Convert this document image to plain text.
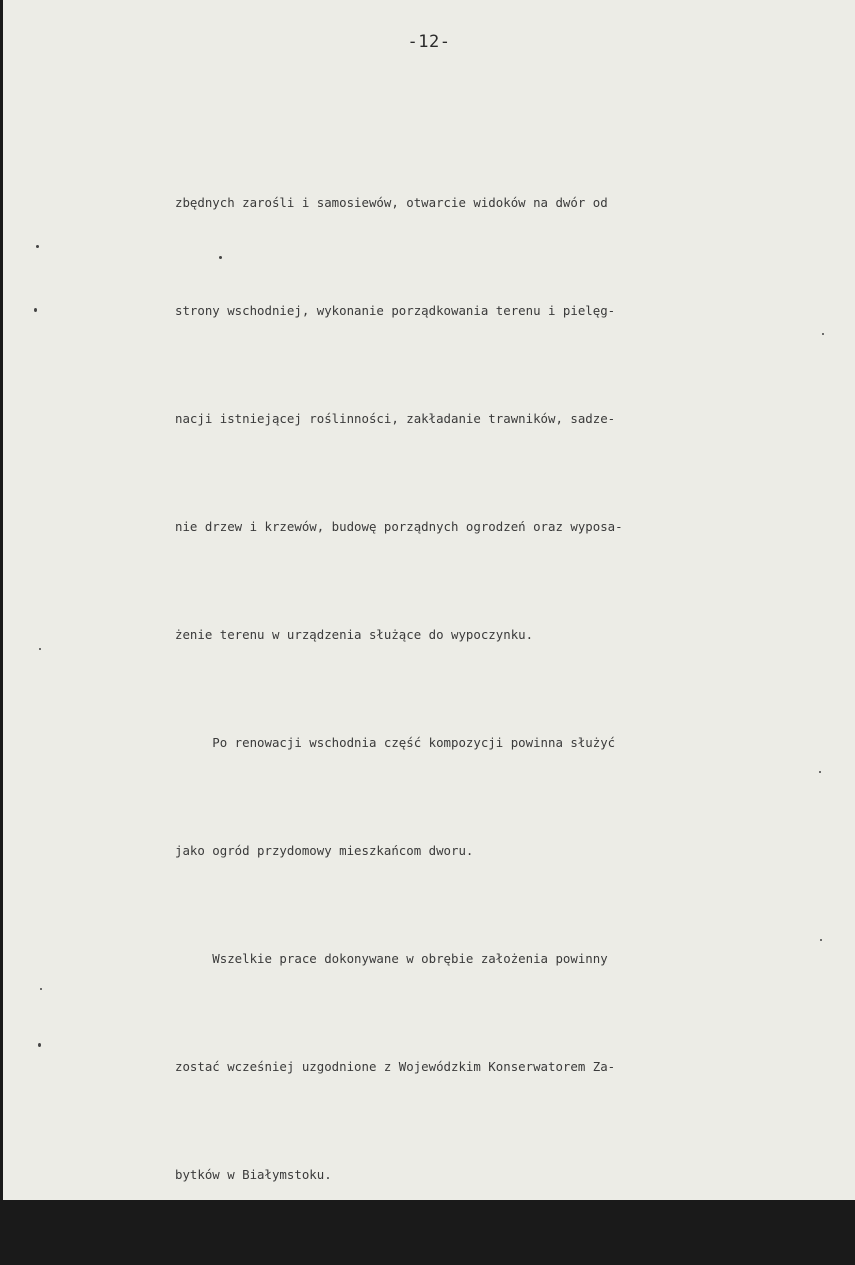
-12-

zbędnych zarośli i samosiewów, otwarcie widoków na dwór od

strony wschodniej, wykonanie porządkowania terenu i pielęg-

nacji istniejącej roślinności, zakładanie trawników, sadze-

nie drzew i krzewów, budowę porządnych ogrodzeń oraz wyposa-

żenie terenu w urządzenia służące do wypoczynku.

Po renowacji wschodnia część kompozycji powinna służyć

jako ogród przydomowy mieszkańcom dworu.

Wszelkie prace dokonywane w obrębie założenia powinny

zostać wcześniej uzgodnione z Wojewódzkim Konserwatorem Za-

bytków w Białymstoku.
